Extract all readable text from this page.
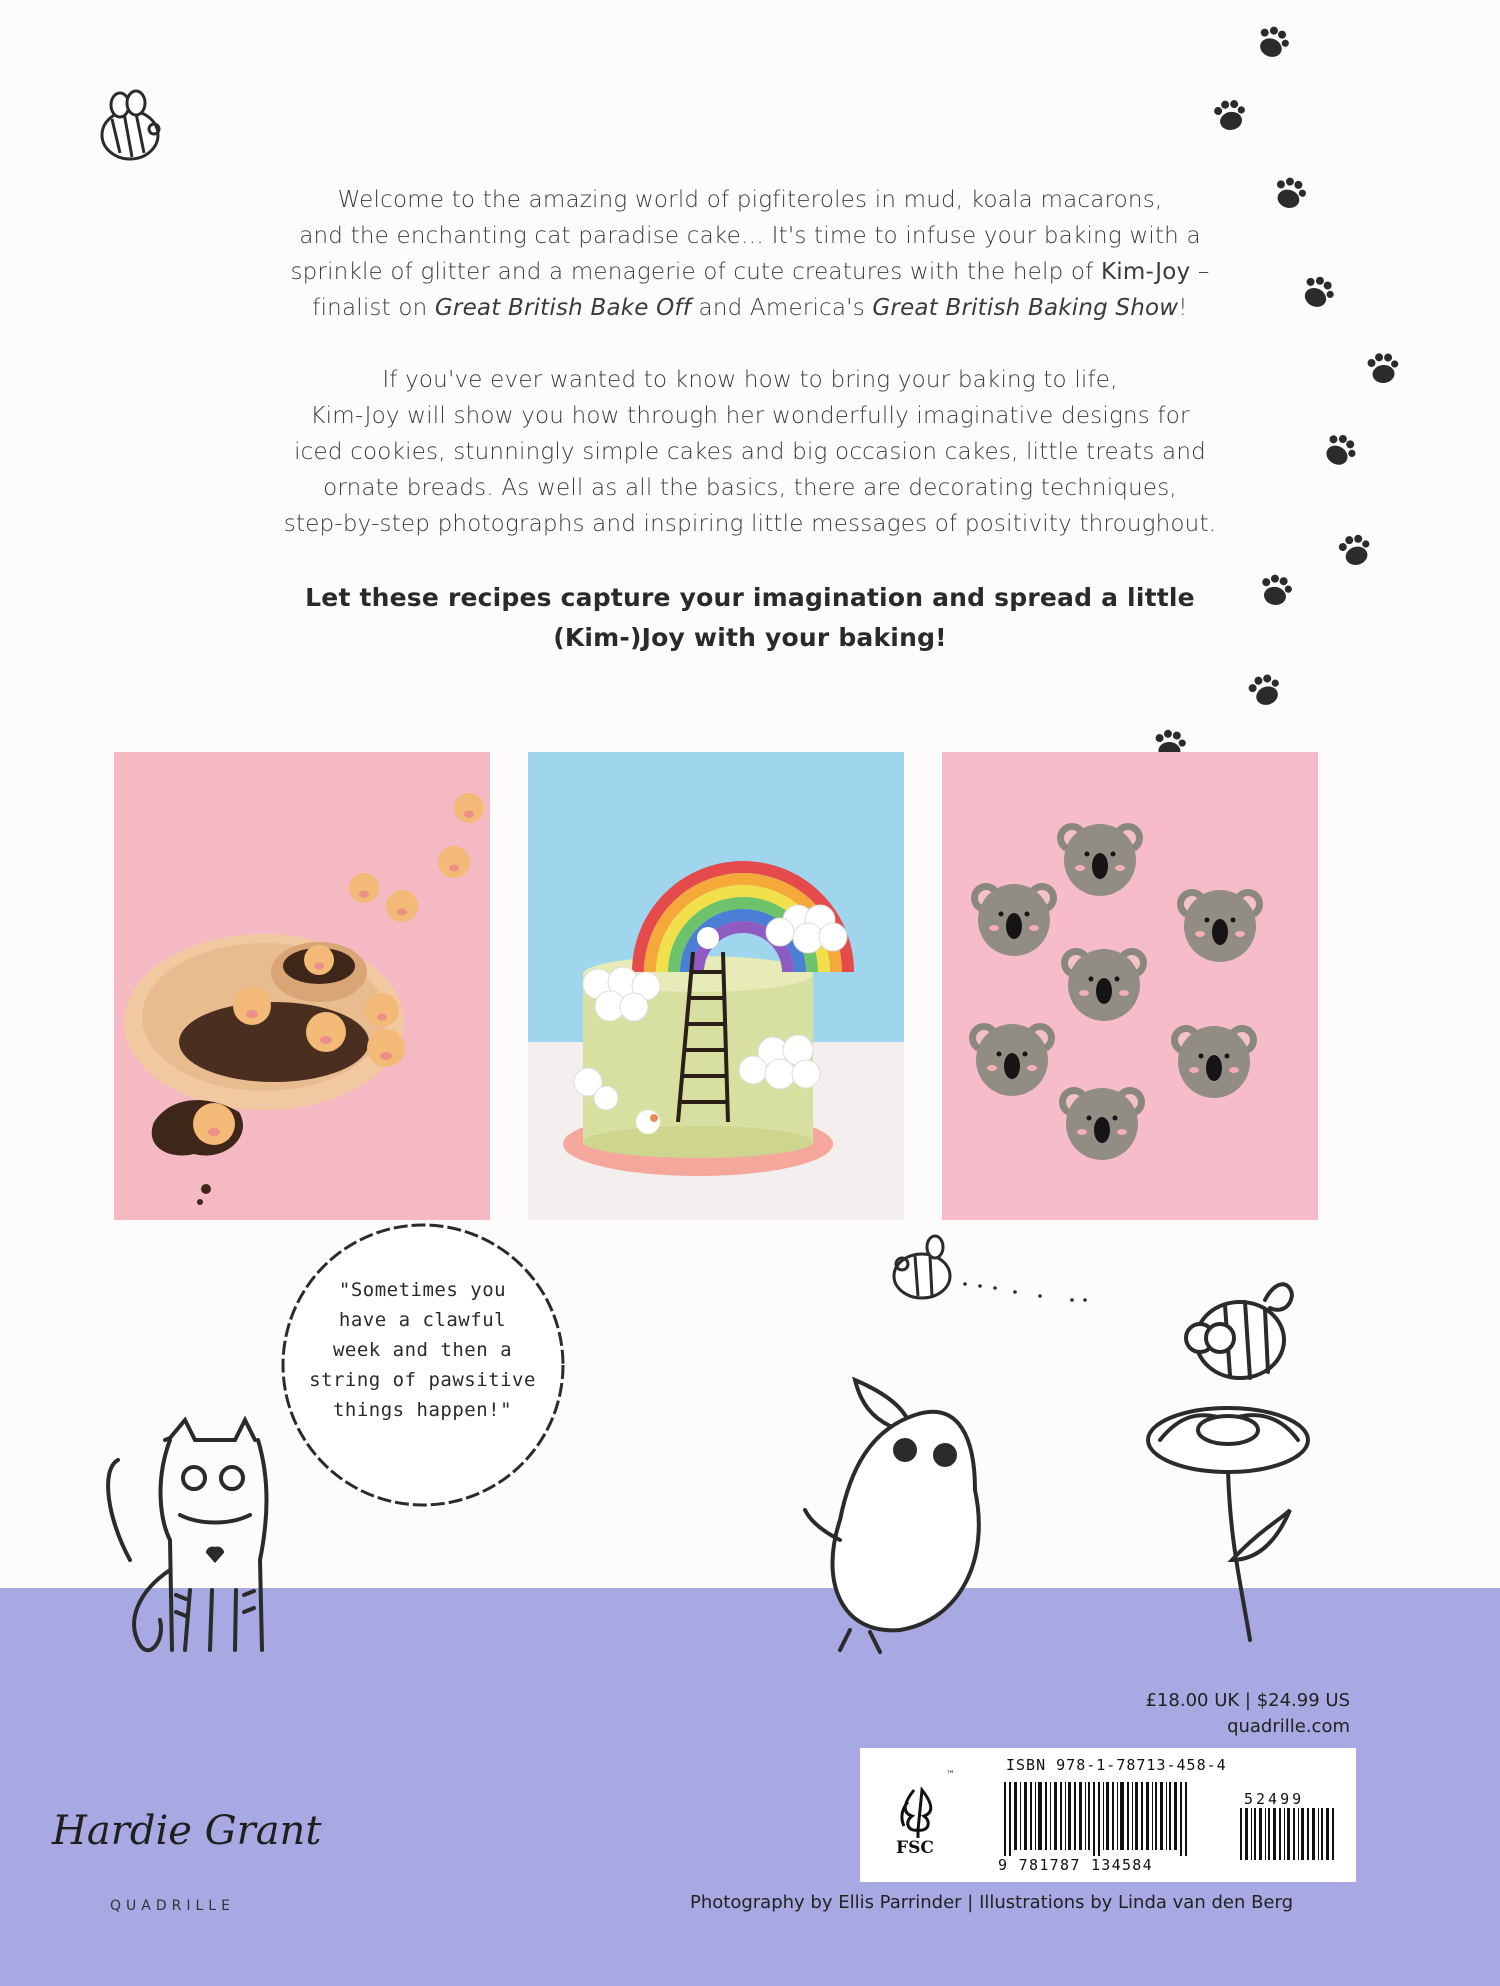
Welcome to the amazing world of pigfiteroles in mud, koala macarons,

and the enchanting cat paradise cake… It's time to infuse your baking with a

sprinkle of glitter and a menagerie of cute creatures with the help of Kim-Joy –

finalist on Great British Bake Off and America's Great British Baking Show!

If you've ever wanted to know how to bring your baking to life,

Kim-Joy will show you how through her wonderfully imaginative designs for

iced cookies, stunningly simple cakes and big occasion cakes, little treats and

ornate breads. As well as all the basics, there are decorating techniques,

step-by-step photographs and inspiring little messages of positivity throughout.

Let these recipes capture your imagination and spread a little

(Kim-)Joy with your baking!

"Sometimes you
have a clawful
week and then a
string of pawsitive
things happen!"
£18.00 UK | $24.99 US
quadrille.com
FSC
™
ISBN 978-1-78713-458-4
52499
9 781787 134584
Photography by Ellis Parrinder | Illustrations by Linda van den Berg
Hardie Grant
QUADRILLE
